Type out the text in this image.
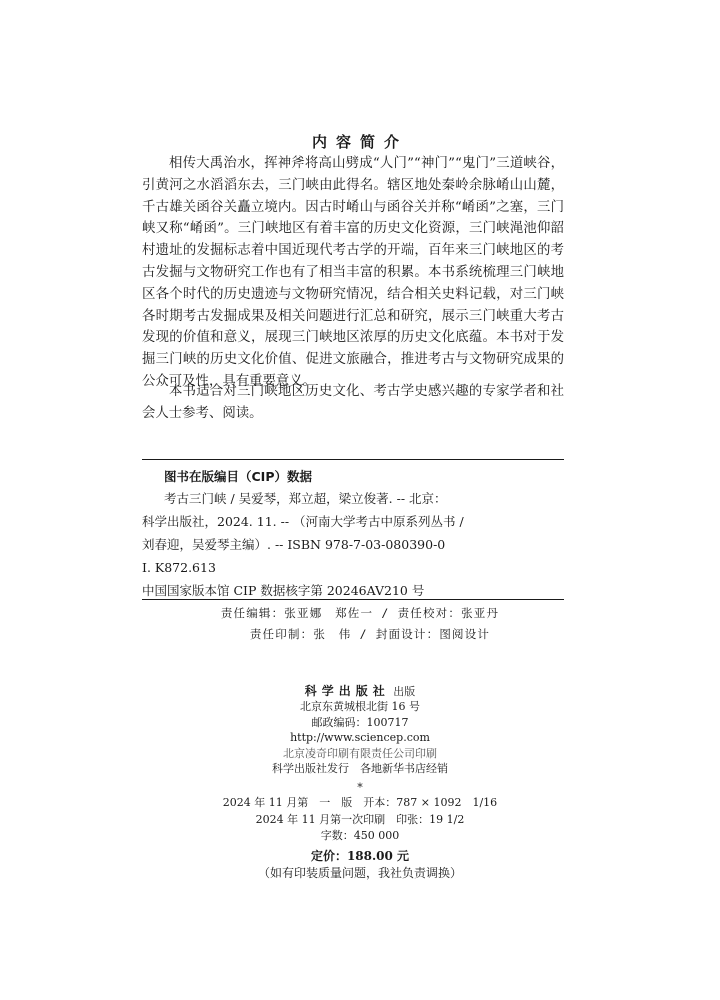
内容简介

相传大禹治水，挥神斧将高山劈成“人门”“神门”“鬼门”三道峡谷，引黄河之水滔滔东去，三门峡由此得名。辖区地处秦岭余脉崤山山麓，千古雄关函谷关矗立境内。因古时崤山与函谷关并称“崤函”之塞，三门峡又称“崤函”。三门峡地区有着丰富的历史文化资源，三门峡渑池仰韶村遗址的发掘标志着中国近现代考古学的开端，百年来三门峡地区的考古发掘与文物研究工作也有了相当丰富的积累。本书系统梳理三门峡地区各个时代的历史遗迹与文物研究情况，结合相关史料记载，对三门峡各时期考古发掘成果及相关问题进行汇总和研究，展示三门峡重大考古发现的价值和意义，展现三门峡地区浓厚的历史文化底蕴。本书对于发掘三门峡的历史文化价值、促进文旅融合，推进考古与文物研究成果的公众可及性，具有重要意义。

本书适合对三门峡地区历史文化、考古学史感兴趣的专家学者和社会人士参考、阅读。

图书在版编目（CIP）数据
考古三门峡 / 吴爱琴，郑立超，梁立俊著. -- 北京：
科学出版社，2024. 11. -- （河南大学考古中原系列丛书 /
刘春迎，吴爱琴主编）. -- ISBN 978-7-03-080390-0
Ⅰ. K872.613
中国国家版本馆 CIP 数据核字第 20246AV210 号
责任编辑：张亚娜　郑佐一 / 责任校对：张亚丹
责任印制：张　伟 / 封面设计：图阅设计
科学出版社 出版
北京东黄城根北街 16 号
邮政编码：100717
http://www.sciencep.com
北京凌奇印刷有限责任公司印刷
科学出版社发行　各地新华书店经销
*
2024 年 11 月第　一　版　开本：787 × 1092　1/16
2024 年 11 月第一次印刷　印张：19 1/2
字数：450 000
定价：188.00 元
（如有印装质量问题，我社负责调换）
